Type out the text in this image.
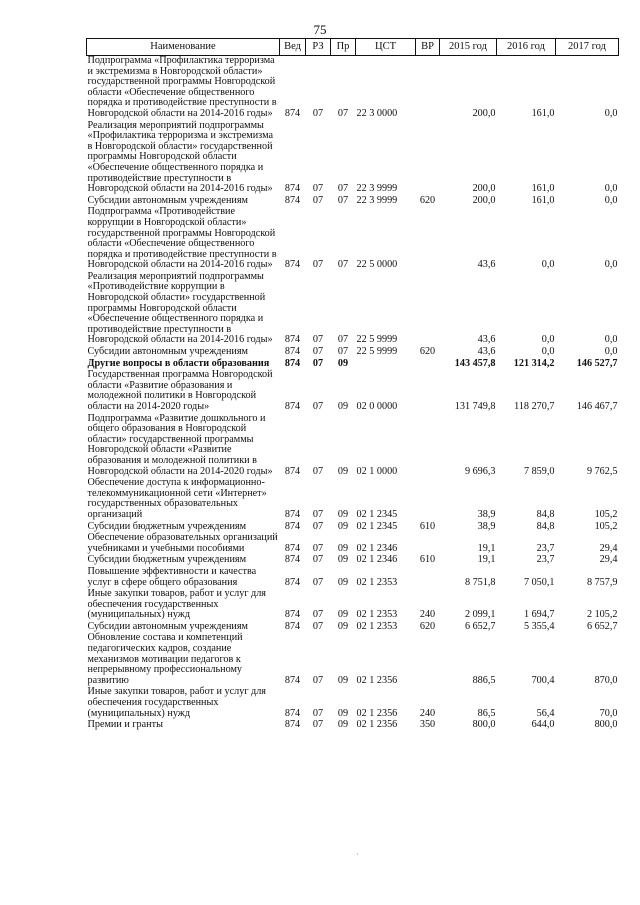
75
Наименование	Вед	РЗ	Пр	ЦСТ	ВР	2015 год	2016 год	2017 год
Подпрограмма «Профилактика терроризма и экстремизма в Новгородской области» государственной программы Новгородской области «Обеспечение общественного порядка и противодействие преступности в Новгородской области на 2014-2016 годы»	874	07	07	22 3 0000		200,0	161,0	0,0
Реализация мероприятий подпрограммы «Профилактика терроризма и экстремизма в Новгородской области» государственной программы Новгородской области «Обеспечение общественного порядка и противодействие преступности в Новгородской области на 2014-2016 годы»	874	07	07	22 3 9999		200,0	161,0	0,0
Субсидии автономным учреждениям	874	07	07	22 3 9999	620	200,0	161,0	0,0
Подпрограмма «Противодействие коррупции в Новгородской области» государственной программы Новгородской области «Обеспечение общественного порядка и противодействие преступности в Новгородской области на 2014-2016 годы»	874	07	07	22 5 0000		43,6	0,0	0,0
Реализация мероприятий подпрограммы «Противодействие коррупции в Новгородской области» государственной программы Новгородской области «Обеспечение общественного порядка и противодействие преступности в Новгородской области на 2014-2016 годы»	874	07	07	22 5 9999		43,6	0,0	0,0
Субсидии автономным учреждениям	874	07	07	22 5 9999	620	43,6	0,0	0,0
Другие вопросы в области образования	874	07	09			143 457,8	121 314,2	146 527,7
Государственная программа Новгородской области «Развитие образования и молодежной политики в Новгородской области на 2014-2020 годы»	874	07	09	02 0 0000		131 749,8	118 270,7	146 467,7
Подпрограмма «Развитие дошкольного и общего образования в Новгородской области» государственной программы Новгородской области «Развитие образования и молодежной политики в Новгородской области на 2014-2020 годы»	874	07	09	02 1 0000		9 696,3	7 859,0	9 762,5
Обеспечение доступа к информационно-телекоммуникационной сети «Интернет» государственных образовательных организаций	874	07	09	02 1 2345		38,9	84,8	105,2
Субсидии бюджетным учреждениям	874	07	09	02 1 2345	610	38,9	84,8	105,2
Обеспечение образовательных организаций учебниками и учебными пособиями	874	07	09	02 1 2346		19,1	23,7	29,4
Субсидии бюджетным учреждениям	874	07	09	02 1 2346	610	19,1	23,7	29,4
Повышение эффективности и качества услуг в сфере общего образования	874	07	09	02 1 2353		8 751,8	7 050,1	8 757,9
Иные закупки товаров, работ и услуг для обеспечения государственных (муниципальных) нужд	874	07	09	02 1 2353	240	2 099,1	1 694,7	2 105,2
Субсидии автономным учреждениям	874	07	09	02 1 2353	620	6 652,7	5 355,4	6 652,7
Обновление состава и компетенций педагогических кадров, создание механизмов мотивации педагогов к непрерывному профессиональному развитию	874	07	09	02 1 2356		886,5	700,4	870,0
Иные закупки товаров, работ и услуг для обеспечения государственных (муниципальных) нужд	874	07	09	02 1 2356	240	86,5	56,4	70,0
Премии и гранты	874	07	09	02 1 2356	350	800,0	644,0	800,0
·
